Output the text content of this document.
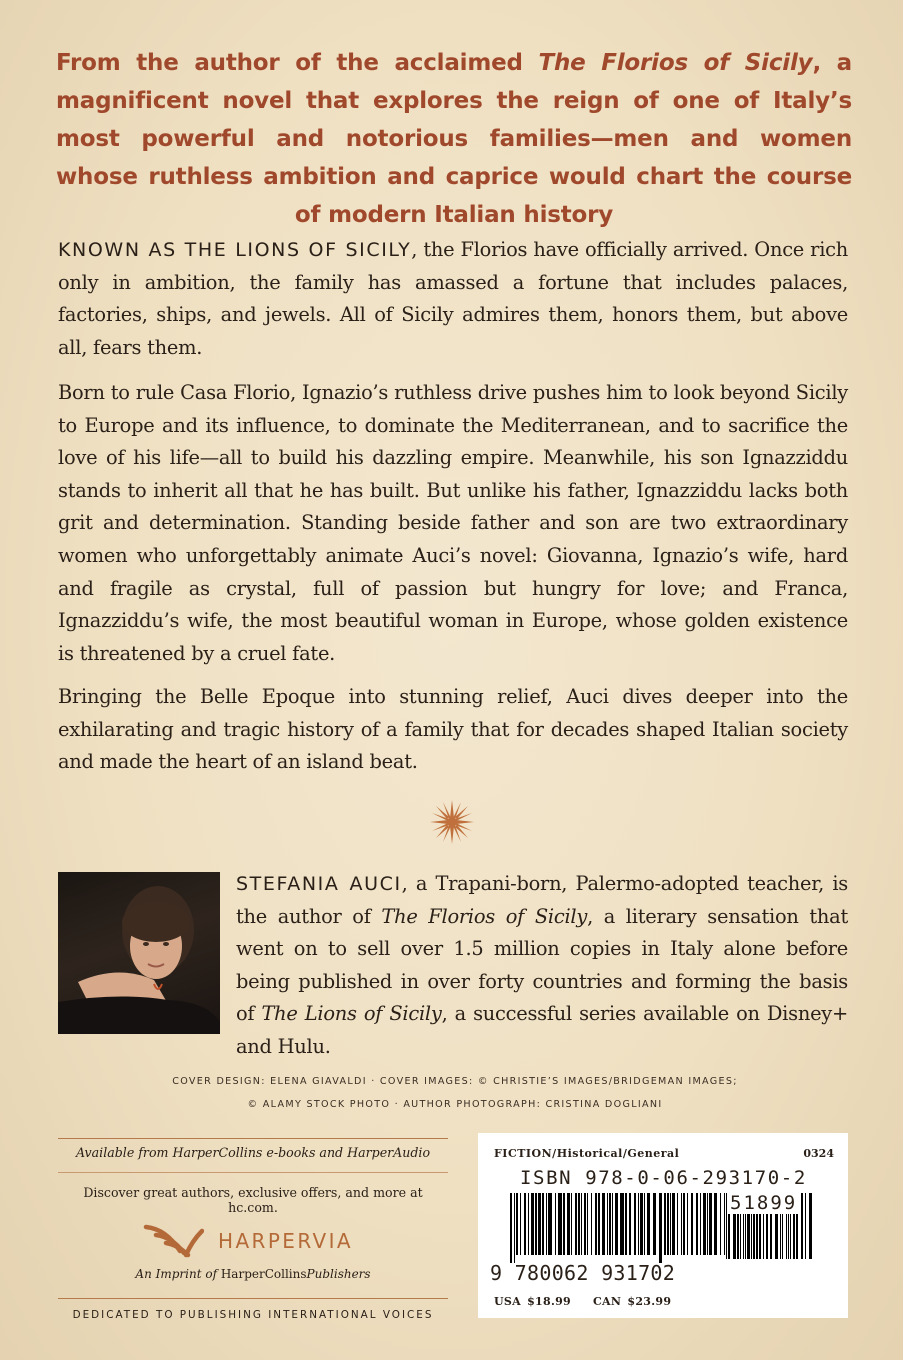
From the author of the acclaimed The Florios of Sicily, a magnificent novel that explores the reign of one of Italy’s most powerful and notorious families—men and women whose ruthless ambition and caprice would chart the course of modern Italian history

KNOWN AS THE LIONS OF SICILY, the Florios have officially arrived. Once rich only in ambition, the family has amassed a fortune that includes palaces, factories, ships, and jewels. All of Sicily admires them, honors them, but above all, fears them.

Born to rule Casa Florio, Ignazio’s ruthless drive pushes him to look beyond Sicily to Europe and its influence, to dominate the Mediterranean, and to sacrifice the love of his life—all to build his dazzling empire. Meanwhile, his son Ignazziddu stands to inherit all that he has built. But unlike his father, Ignazziddu lacks both grit and determination. Standing beside father and son are two extraordinary women who unforgettably animate Auci’s novel: Giovanna, Ignazio’s wife, hard and fragile as crystal, full of passion but hungry for love; and Franca, Ignazziddu’s wife, the most beautiful woman in Europe, whose golden existence is threatened by a cruel fate.

Bringing the Belle Epoque into stunning relief, Auci dives deeper into the exhilarating and tragic history of a family that for decades shaped Italian society and made the heart of an island beat.

STEFANIA AUCI, a Trapani-born, Palermo-adopted teacher, is the author of The Florios of Sicily, a literary sensation that went on to sell over 1.5 million copies in Italy alone before being published in over forty countries and forming the basis of The Lions of Sicily, a successful series available on Disney+ and Hulu.

COVER DESIGN: ELENA GIAVALDI · COVER IMAGES: © CHRISTIE’S IMAGES/BRIDGEMAN IMAGES;
© ALAMY STOCK PHOTO · AUTHOR PHOTOGRAPH: CRISTINA DOGLIANI
Available from HarperCollins e-books and HarperAudio
Discover great authors, exclusive offers, and more at hc.com.
HARPERVIA
An Imprint of HarperCollinsPublishers
DEDICATED TO PUBLISHING INTERNATIONAL VOICES
FICTION/Historical/General	0324
ISBN 978-0-06-293170-2
51899
9 780062 931702
USA $18.99 CAN $23.99
